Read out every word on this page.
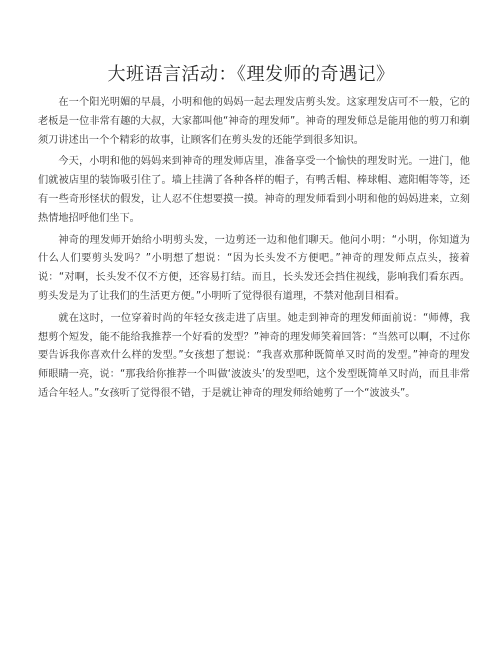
大班语言活动：《理发师的奇遇记》

在一个阳光明媚的早晨，小明和他的妈妈一起去理发店剪头发。这家理发店可不一般，它的老板是一位非常有趣的大叔，大家都叫他“神奇的理发师”。神奇的理发师总是能用他的剪刀和剃须刀讲述出一个个精彩的故事，让顾客们在剪头发的还能学到很多知识。

今天，小明和他的妈妈来到神奇的理发师店里，准备享受一个愉快的理发时光。一进门，他们就被店里的装饰吸引住了。墙上挂满了各种各样的帽子，有鸭舌帽、棒球帽、遮阳帽等等，还有一些奇形怪状的假发，让人忍不住想要摸一摸。神奇的理发师看到小明和他的妈妈进来，立刻热情地招呼他们坐下。

神奇的理发师开始给小明剪头发，一边剪还一边和他们聊天。他问小明：“小明，你知道为什么人们要剪头发吗？”小明想了想说：“因为长头发不方便吧。”神奇的理发师点点头，接着说：“对啊，长头发不仅不方便，还容易打结。而且，长头发还会挡住视线，影响我们看东西。剪头发是为了让我们的生活更方便。”小明听了觉得很有道理，不禁对他刮目相看。

就在这时，一位穿着时尚的年轻女孩走进了店里。她走到神奇的理发师面前说：“师傅，我想剪个短发，能不能给我推荐一个好看的发型？”神奇的理发师笑着回答：“当然可以啊，不过你要告诉我你喜欢什么样的发型。”女孩想了想说：“我喜欢那种既简单又时尚的发型。”神奇的理发师眼睛一亮，说：“那我给你推荐一个叫做‘波波头’的发型吧，这个发型既简单又时尚，而且非常适合年轻人。”女孩听了觉得很不错，于是就让神奇的理发师给她剪了一个“波波头”。
